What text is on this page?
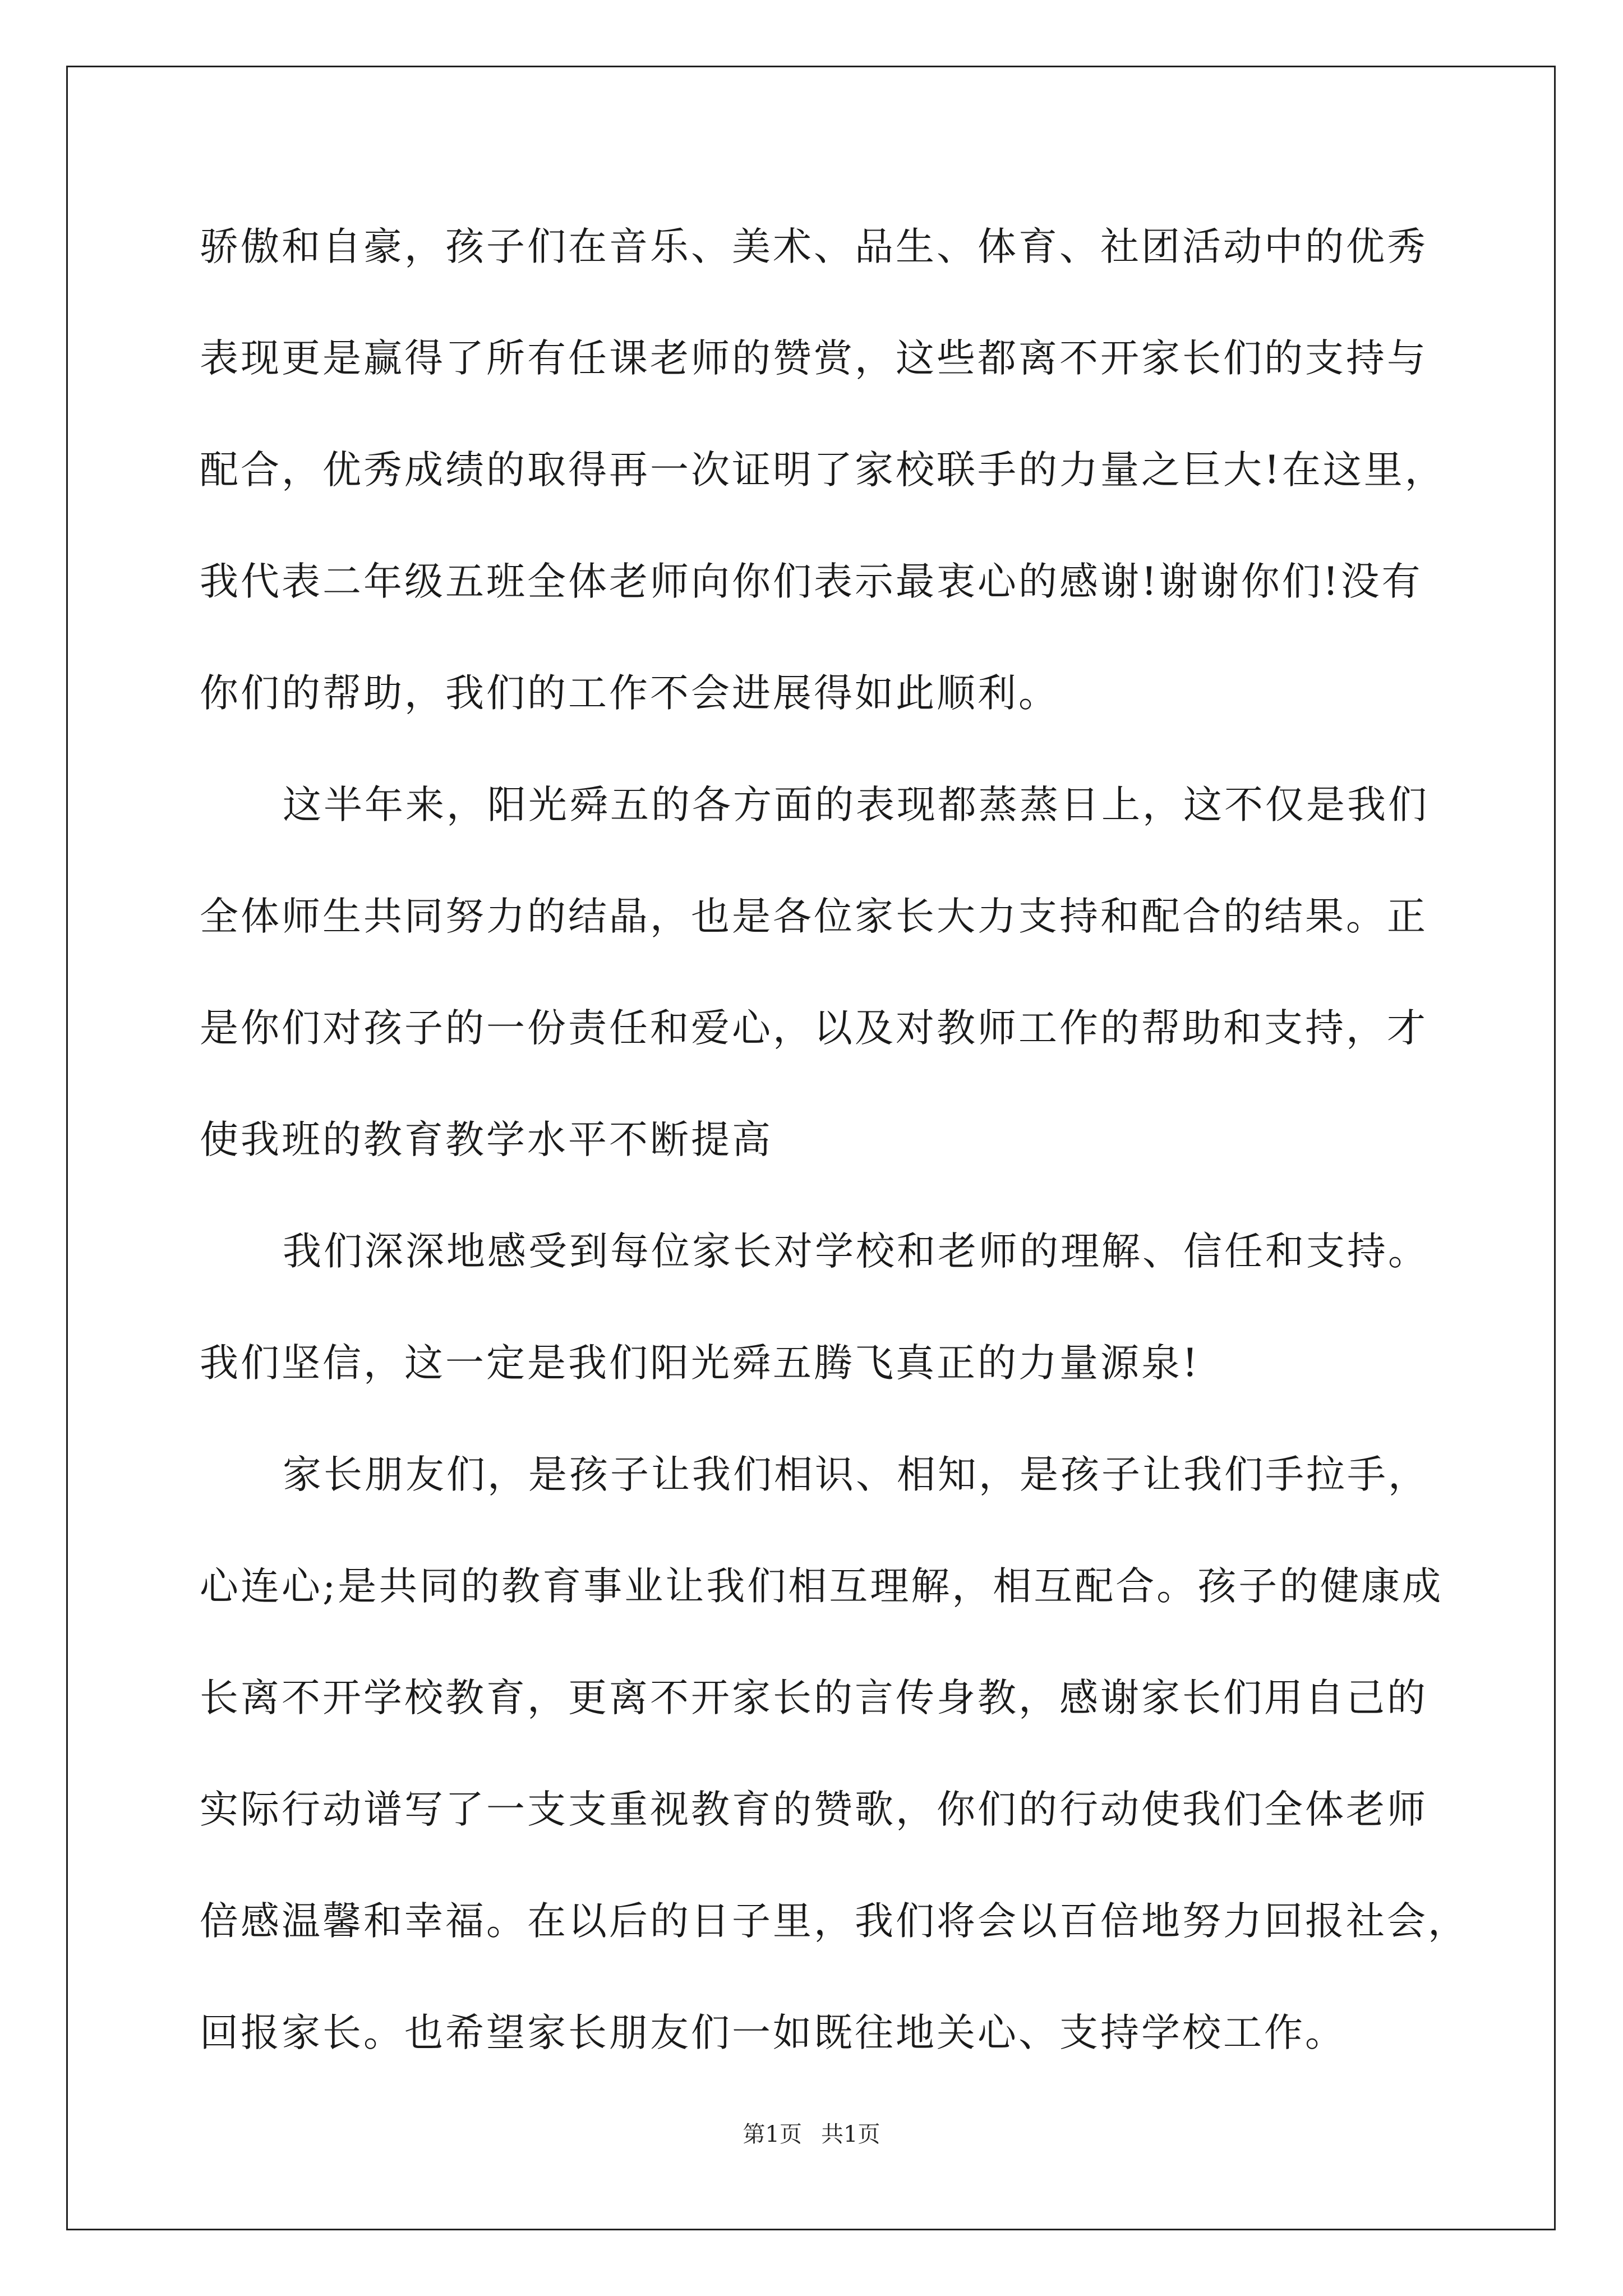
骄傲和自豪，孩子们在音乐、美术、品生、体育、社团活动中的优秀
表现更是赢得了所有任课老师的赞赏，这些都离不开家长们的支持与
配合，优秀成绩的取得再一次证明了家校联手的力量之巨大!在这里，
我代表二年级五班全体老师向你们表示最衷心的感谢!谢谢你们!没有
你们的帮助，我们的工作不会进展得如此顺利。
这半年来，阳光舜五的各方面的表现都蒸蒸日上，这不仅是我们
全体师生共同努力的结晶，也是各位家长大力支持和配合的结果。正
是你们对孩子的一份责任和爱心，以及对教师工作的帮助和支持，才
使我班的教育教学水平不断提高
我们深深地感受到每位家长对学校和老师的理解、信任和支持。
我们坚信，这一定是我们阳光舜五腾飞真正的力量源泉!
家长朋友们，是孩子让我们相识、相知，是孩子让我们手拉手，
心连心;是共同的教育事业让我们相互理解，相互配合。孩子的健康成
长离不开学校教育，更离不开家长的言传身教，感谢家长们用自己的
实际行动谱写了一支支重视教育的赞歌，你们的行动使我们全体老师
倍感温馨和幸福。在以后的日子里，我们将会以百倍地努力回报社会，
回报家长。也希望家长朋友们一如既往地关心、支持学校工作。
第1页 共1页
